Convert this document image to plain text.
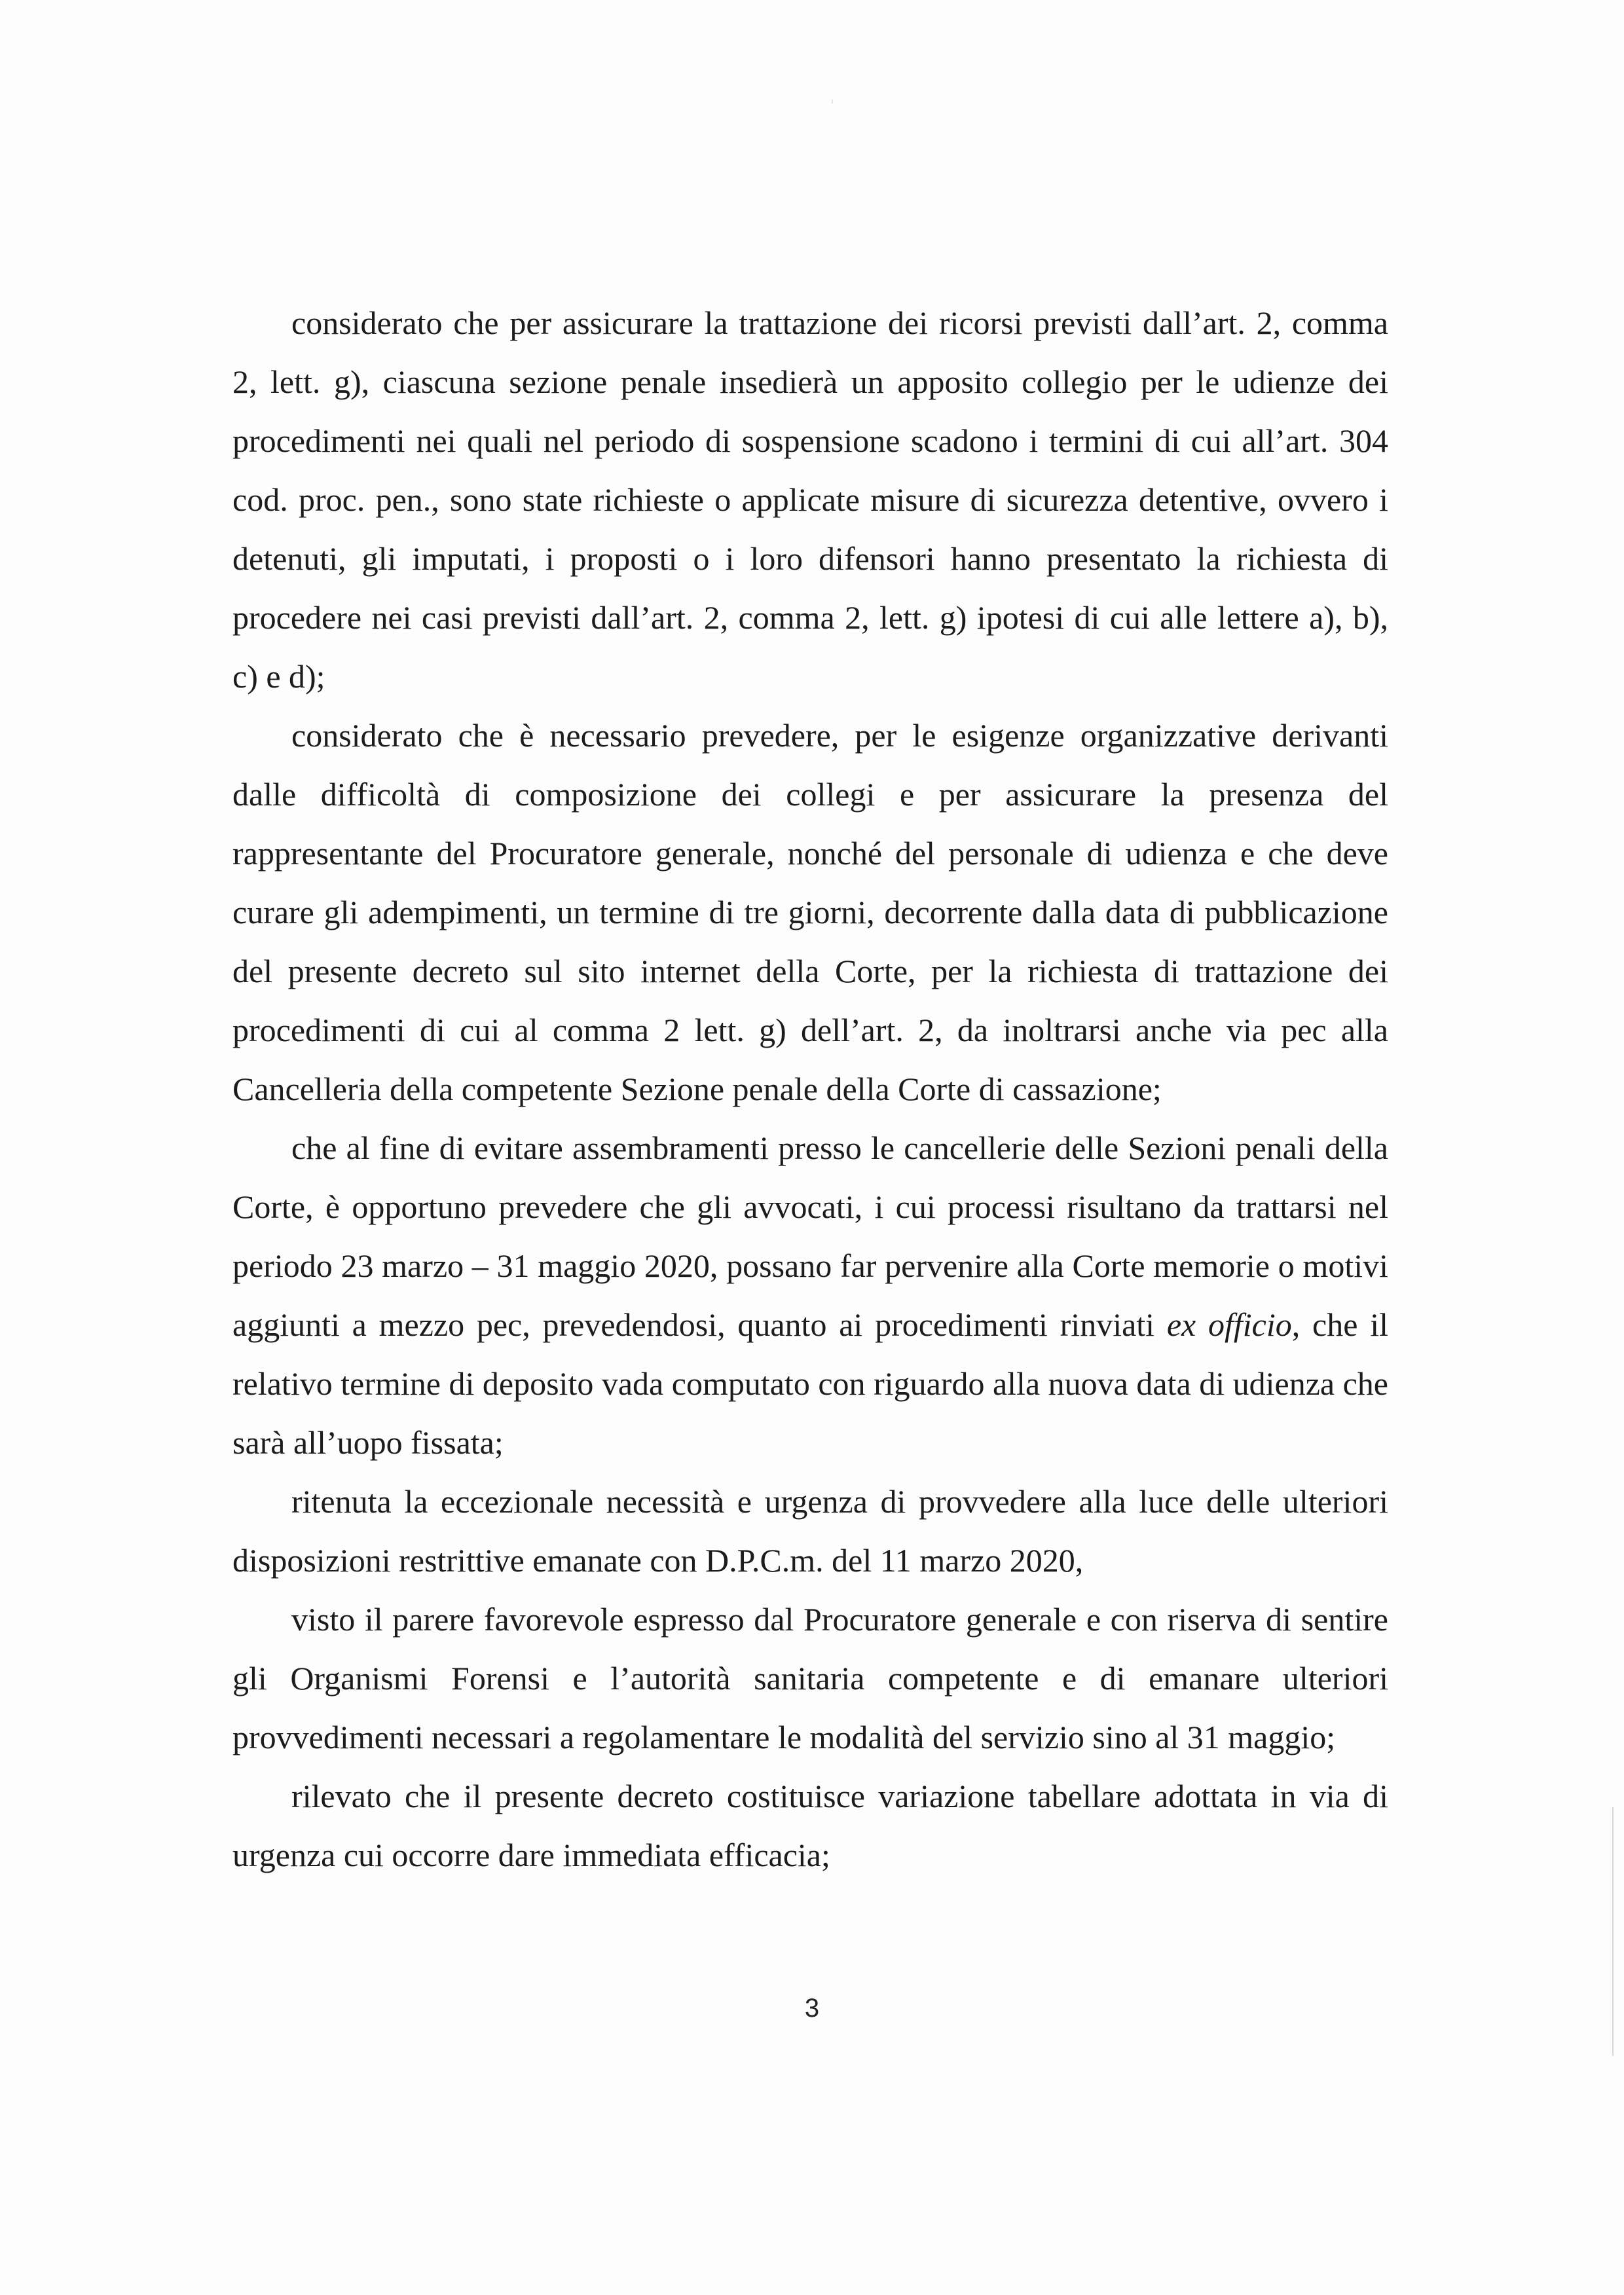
considerato che per assicurare la trattazione dei ricorsi previsti dall’art. 2, comma 2, lett. g), ciascuna sezione penale insedierà un apposito collegio per le udienze dei procedimenti nei quali nel periodo di sospensione scadono i termini di cui all’art. 304 cod. proc. pen., sono state richieste o applicate misure di sicurezza detentive, ovvero i detenuti, gli imputati, i proposti o i loro difensori hanno presentato la richiesta di procedere nei casi previsti dall’art. 2, comma 2, lett. g) ipotesi di cui alle lettere a), b), c) e d);

considerato che è necessario prevedere, per le esigenze organizzative derivanti dalle difficoltà di composizione dei collegi e per assicurare la presenza del rappresentante del Procuratore generale, nonché del personale di udienza e che deve curare gli adempimenti, un termine di tre giorni, decorrente dalla data di pubblicazione del presente decreto sul sito internet della Corte, per la richiesta di trattazione dei procedimenti di cui al comma 2 lett. g) dell’art. 2, da inoltrarsi anche via pec alla Cancelleria della competente Sezione penale della Corte di cassazione;

che al fine di evitare assembramenti presso le cancellerie delle Sezioni penali della Corte, è opportuno prevedere che gli avvocati, i cui processi risultano da trattarsi nel periodo 23 marzo – 31 maggio 2020, possano far pervenire alla Corte memorie o motivi aggiunti a mezzo pec, prevedendosi, quanto ai procedimenti rinviati ex officio, che il relativo termine di deposito vada computato con riguardo alla nuova data di udienza che sarà all’uopo fissata;

ritenuta la eccezionale necessità e urgenza di provvedere alla luce delle ulteriori disposizioni restrittive emanate con D.P.C.m. del 11 marzo 2020,

visto il parere favorevole espresso dal Procuratore generale e con riserva di sentire gli Organismi Forensi e l’autorità sanitaria competente e di emanare ulteriori provvedimenti necessari a regolamentare le modalità del servizio sino al 31 maggio;

rilevato che il presente decreto costituisce variazione tabellare adottata in via di urgenza cui occorre dare immediata efficacia;

3
